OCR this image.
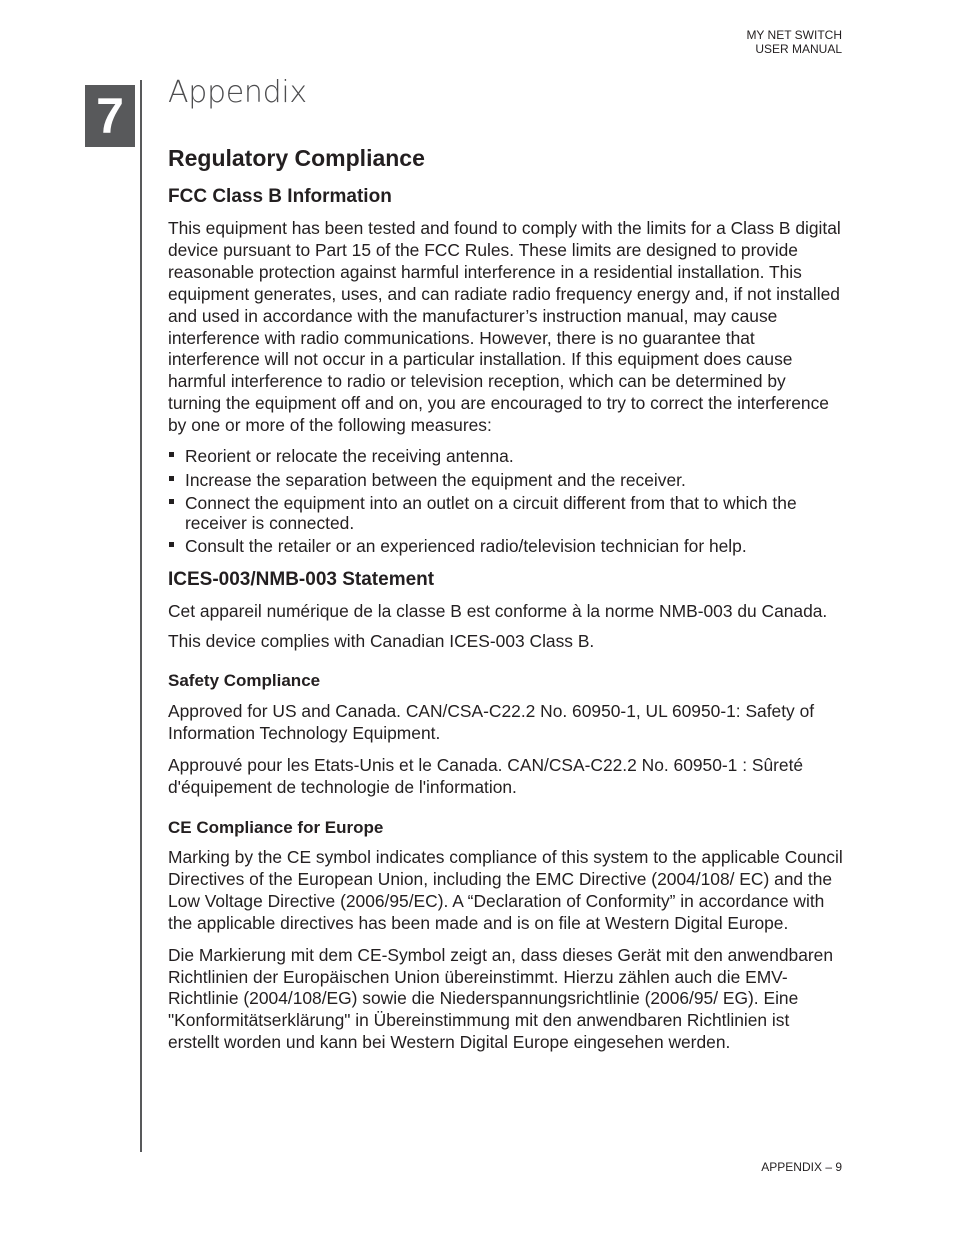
MY NET SWITCH
USER MANUAL
7	Appendix
Regulatory Compliance
FCC Class B Information

This equipment has been tested and found to comply with the limits for a Class B digital device pursuant to Part 15 of the FCC Rules. These limits are designed to provide reasonable protection against harmful interference in a residential installation. This equipment generates, uses, and can radiate radio frequency energy and, if not installed and used in accordance with the manufacturer’s instruction manual, may cause interference with radio communications. However, there is no guarantee that interference will not occur in a particular installation. If this equipment does cause harmful interference to radio or television reception, which can be determined by turning the equipment off and on, you are encouraged to try to correct the interference by one or more of the following measures:

Reorient or relocate the receiving antenna.
Increase the separation between the equipment and the receiver.
Connect the equipment into an outlet on a circuit different from that to which the receiver is connected.
Consult the retailer or an experienced radio/television technician for help.
ICES-003/NMB-003 Statement

Cet appareil numérique de la classe B est conforme à la norme NMB-003 du Canada.

This device complies with Canadian ICES-003 Class B.

Safety Compliance

Approved for US and Canada. CAN/CSA-C22.2 No. 60950-1, UL 60950-1: Safety of Information Technology Equipment.

Approuvé pour les Etats-Unis et le Canada. CAN/CSA-C22.2 No. 60950-1 : Sûreté d'équipement de technologie de l'information.

CE Compliance for Europe

Marking by the CE symbol indicates compliance of this system to the applicable Council Directives of the European Union, including the EMC Directive (2004/108/ EC) and the Low Voltage Directive (2006/95/EC). A “Declaration of Conformity” in accordance with the applicable directives has been made and is on file at Western Digital Europe.

Die Markierung mit dem CE-Symbol zeigt an, dass dieses Gerät mit den anwendbaren Richtlinien der Europäischen Union übereinstimmt. Hierzu zählen auch die EMV-Richtlinie (2004/108/EG) sowie die Niederspannungsrichtlinie (2006/95/ EG). Eine "Konformitätserklärung" in Übereinstimmung mit den anwendbaren Richtlinien ist erstellt worden und kann bei Western Digital Europe eingesehen werden.

APPENDIX – 9
